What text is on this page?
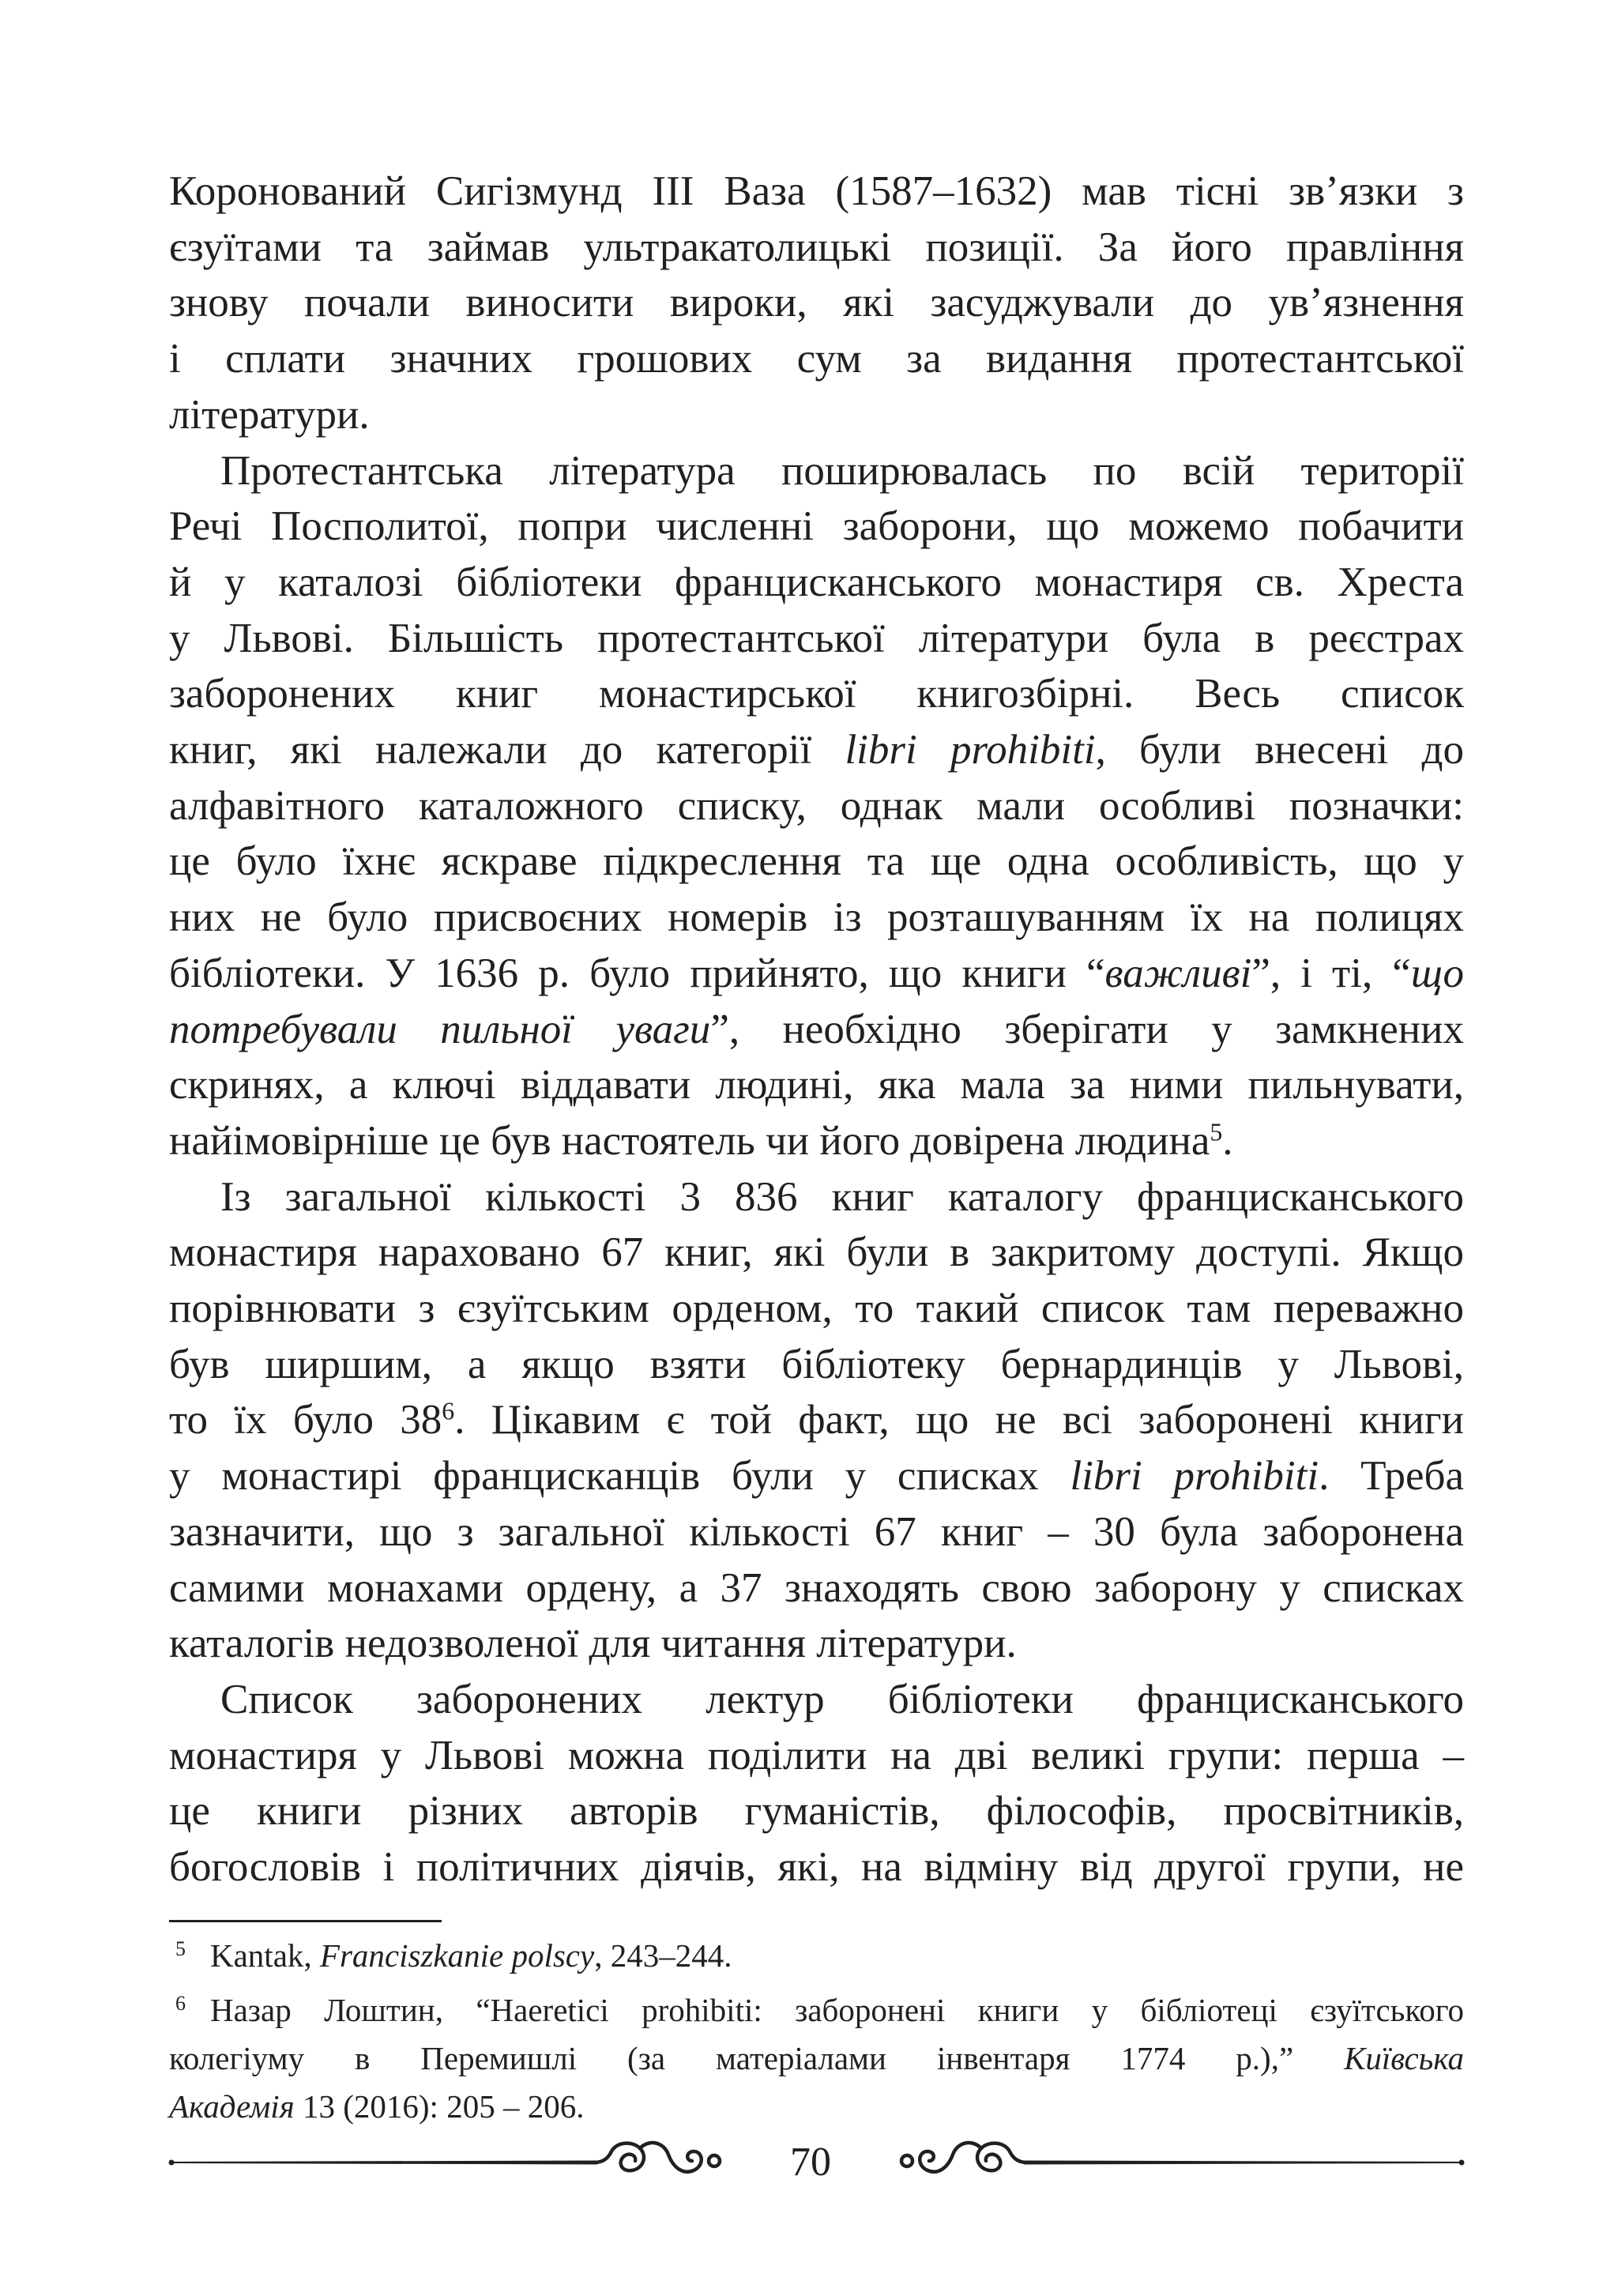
Коронований Сигізмунд III Ваза (1587–1632) мав тісні зв’язки з
єзуїтами та займав ультракатолицькі позиції. За його правління
знову почали виносити вироки, які засуджували до ув’язнення
і сплати значних грошових сум за видання протестантської
літератури.
Протестантська література поширювалась по всій території
Речі Посполитої, попри численні заборони, що можемо побачити
й у каталозі бібліотеки францисканського монастиря св. Хреста
у Львові. Більшість протестантської літератури була в реєстрах
заборонених книг монастирської книгозбірні. Весь список
книг, які належали до категорії libri prohibiti, були внесені до
алфавітного каталожного списку, однак мали особливі позначки:
це було їхнє яскраве підкреслення та ще одна особливість, що у
них не було присвоєних номерів із розташуванням їх на полицях
бібліотеки. У 1636 р. було прийнято, що книги “важливі”, і ті, “що
потребували пильної уваги”, необхідно зберігати у замкнених
скринях, а ключі віддавати людині, яка мала за ними пильнувати,
найімовірніше це був настоятель чи його довірена людина$^5$.
Із загальної кількості 3 836 книг каталогу францисканського
монастиря нараховано 67 книг, які були в закритому доступі. Якщо
порівнювати з єзуїтським орденом, то такий список там переважно
був ширшим, а якщо взяти бібліотеку бернардинців у Львові,
то їх було $38^6$. Цікавим є той факт, що не всі заборонені книги
у монастирі францисканців були у списках libri prohibiti. Треба
зазначити, що з загальної кількості 67 книг – 30 була заборонена
самими монахами ордену, а 37 знаходять свою заборону у списках
каталогів недозволеної для читання літератури.
Список заборонених лектур бібліотеки францисканського
монастиря у Львові можна поділити на дві великі групи: перша –
це книги різних авторів гуманістів, філософів, просвітників,
богословів і політичних діячів, які, на відміну від другої групи, не
5 Kantak, Franciszkanie polscy, 243–244.
6 Назар Лоштин, “Haeretici prohibiti: заборонені книги у бібліотеці єзуїтського
колегіуму в Перемишлі (за матеріалами інвентаря 1774 р.),” Київська
Академія 13 (2016): 205 – 206.
70
